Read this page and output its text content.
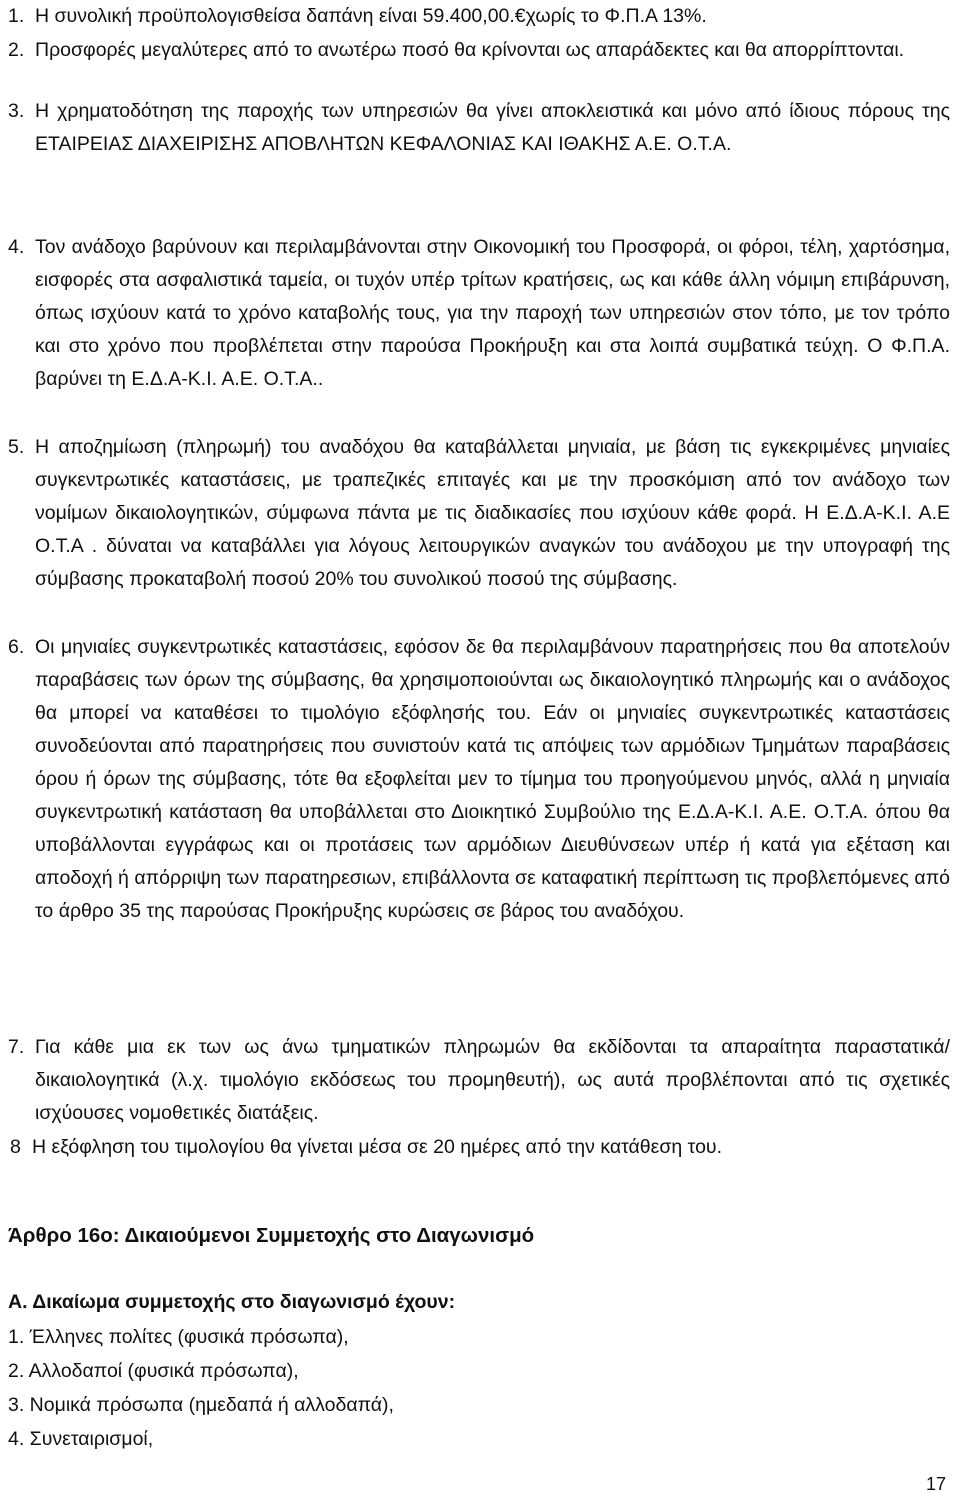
1. Η συνολική προϋπολογισθείσα δαπάνη είναι 59.400,00.€χωρίς το Φ.Π.Α 13%.
2. Προσφορές μεγαλύτερες από το ανωτέρω ποσό θα κρίνονται ως απαράδεκτες και θα απορρίπτονται.
3. Η χρηματοδότηση της παροχής των υπηρεσιών θα γίνει αποκλειστικά και μόνο από ίδιους πόρους της ΕΤΑΙΡΕΙΑΣ ΔΙΑΧΕΙΡΙΣΗΣ ΑΠΟΒΛΗΤΩΝ ΚΕΦΑΛΟΝΙΑΣ ΚΑΙ ΙΘΑΚΗΣ Α.Ε. Ο.Τ.Α.
4. Τον ανάδοχο βαρύνουν και περιλαμβάνονται στην Οικονομική του Προσφορά, οι φόροι, τέλη, χαρτόσημα, εισφορές στα ασφαλιστικά ταμεία, οι τυχόν υπέρ τρίτων κρατήσεις, ως και κάθε άλλη νόμιμη επιβάρυνση, όπως ισχύουν κατά το χρόνο καταβολής τους, για την παροχή των υπηρεσιών στον τόπο, με τον τρόπο και στο χρόνο που προβλέπεται στην παρούσα Προκήρυξη και στα λοιπά συμβατικά τεύχη. Ο Φ.Π.Α. βαρύνει τη Ε.Δ.Α-Κ.Ι. Α.Ε. Ο.Τ.Α..
5. Η αποζημίωση (πληρωμή) του αναδόχου θα καταβάλλεται μηνιαία, με βάση τις εγκεκριμένες μηνιαίες συγκεντρωτικές καταστάσεις, με τραπεζικές επιταγές και με την προσκόμιση από τον ανάδοχο των νομίμων δικαιολογητικών, σύμφωνα πάντα με τις διαδικασίες που ισχύουν κάθε φορά. Η Ε.Δ.Α-Κ.Ι. Α.Ε Ο.Τ.Α . δύναται να καταβάλλει για λόγους λειτουργικών αναγκών του ανάδοχου με την υπογραφή της σύμβασης προκαταβολή ποσού 20% του συνολικού ποσού της σύμβασης.
6. Οι μηνιαίες συγκεντρωτικές καταστάσεις, εφόσον δε θα περιλαμβάνουν παρατηρήσεις που θα αποτελούν παραβάσεις των όρων της σύμβασης, θα χρησιμοποιούνται ως δικαιολογητικό πληρωμής και ο ανάδοχος θα μπορεί να καταθέσει το τιμολόγιο εξόφλησής του. Εάν οι μηνιαίες συγκεντρωτικές καταστάσεις συνοδεύονται από παρατηρήσεις που συνιστούν κατά τις απόψεις των αρμόδιων Τμημάτων παραβάσεις όρου ή όρων της σύμβασης, τότε θα εξοφλείται μεν το τίμημα του προηγούμενου μηνός, αλλά η μηνιαία συγκεντρωτική κατάσταση θα υποβάλλεται στο Διοικητικό Συμβούλιο της Ε.Δ.Α-Κ.Ι. Α.Ε. Ο.Τ.Α. όπου θα υποβάλλονται εγγράφως και οι προτάσεις των αρμόδιων Διευθύνσεων υπέρ ή κατά για εξέταση και αποδοχή ή απόρριψη των παρατηρεσιων, επιβάλλοντα σε καταφατική περίπτωση τις προβλεπόμενες από το άρθρο 35 της παρούσας Προκήρυξης κυρώσεις σε βάρος του αναδόχου.
7. Για κάθε μια εκ των ως άνω τμηματικών πληρωμών θα εκδίδονται τα απαραίτητα παραστατικά/δικαιολογητικά (λ.χ. τιμολόγιο εκδόσεως του προμηθευτή), ως αυτά προβλέπονται από τις σχετικές ισχύουσες νομοθετικές διατάξεις.
8 Η εξόφληση του τιμολογίου θα γίνεται μέσα σε 20 ημέρες από την κατάθεση του.
Άρθρο 16ο: Δικαιούμενοι Συμμετοχής στο Διαγωνισμό
Α. Δικαίωμα συμμετοχής στο διαγωνισμό έχουν:
1. Έλληνες πολίτες (φυσικά πρόσωπα),
2. Αλλοδαποί (φυσικά πρόσωπα),
3. Νομικά πρόσωπα (ημεδαπά ή αλλοδαπά),
4. Συνεταιρισμοί,
17
